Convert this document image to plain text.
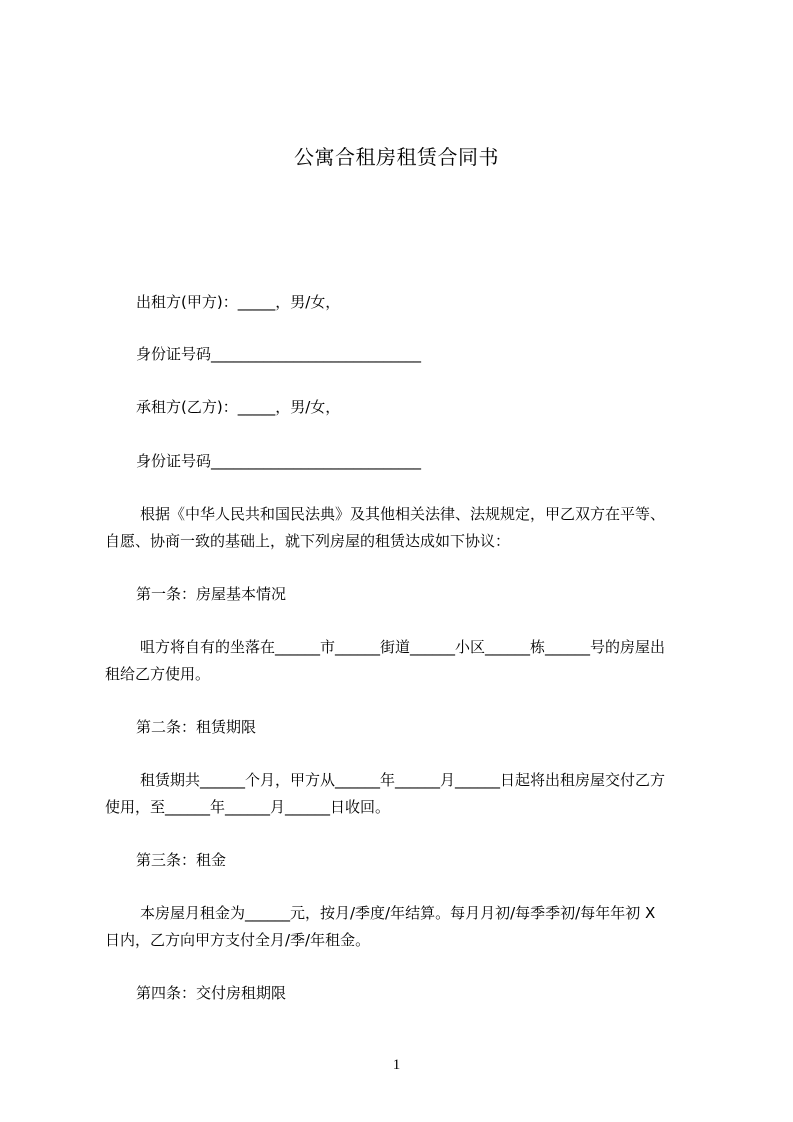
公寓合租房租赁合同书
出租方(甲方)：_____，男/女，
身份证号码____________________________
承租方(乙方)：_____，男/女，
身份证号码____________________________
根据《中华人民共和国民法典》及其他相关法律、法规规定，甲乙双方在平等、
自愿、协商一致的基础上，就下列房屋的租赁达成如下协议：
第一条：房屋基本情况
咀方将自有的坐落在______市______街道______小区______栋______号的房屋出
租给乙方使用。
第二条：租赁期限
租赁期共______个月，甲方从______年______月______日起将出租房屋交付乙方
使用，至______年______月______日收回。
第三条：租金
本房屋月租金为______元，按月/季度/年结算。每月月初/每季季初/每年年初 X
日内，乙方向甲方支付全月/季/年租金。
第四条：交付房租期限
1
